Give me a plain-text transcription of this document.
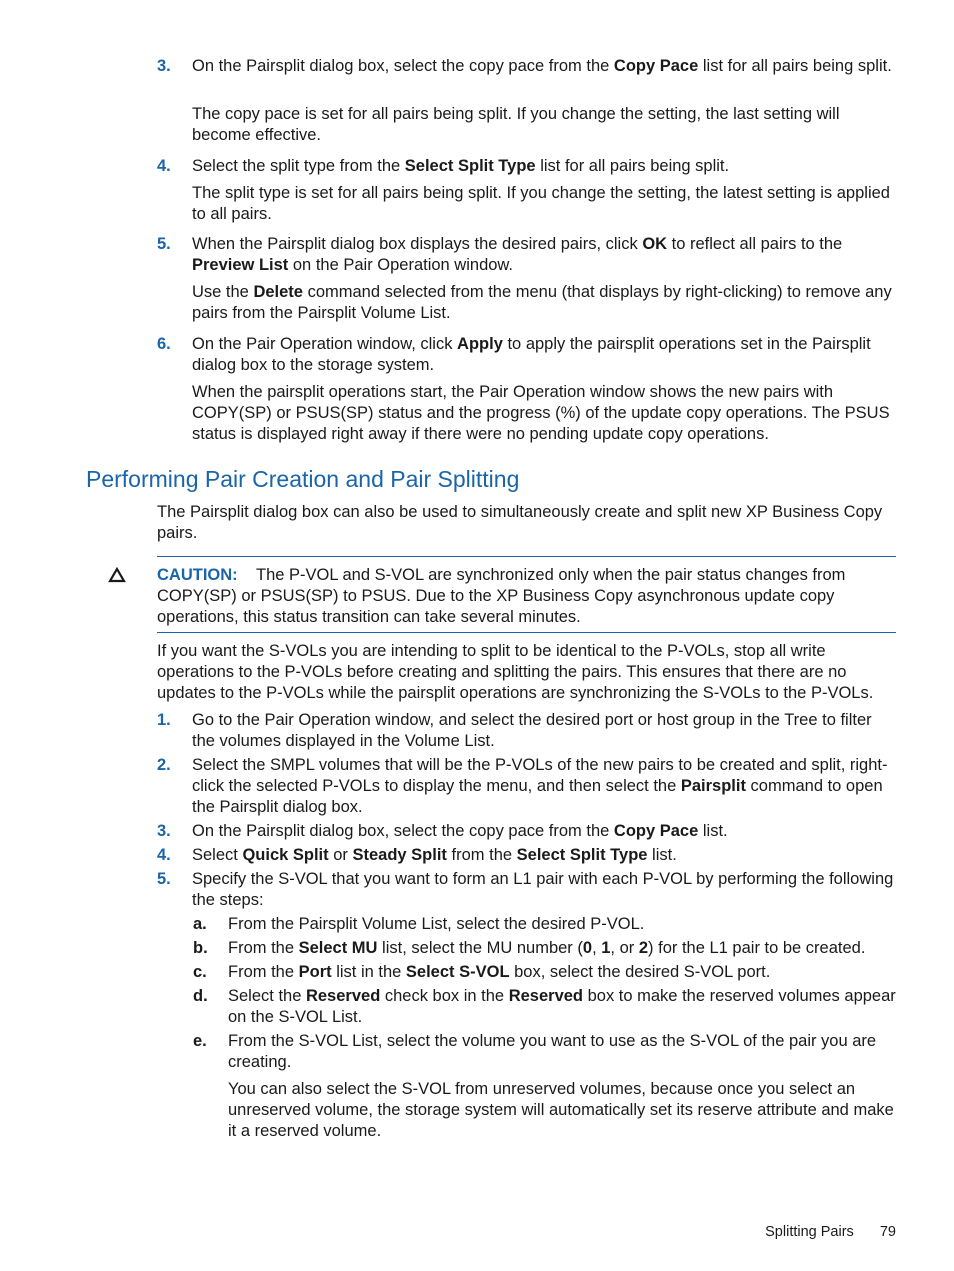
3. On the Pairsplit dialog box, select the copy pace from the Copy Pace list for all pairs being split.
The copy pace is set for all pairs being split. If you change the setting, the last setting will become effective.
4. Select the split type from the Select Split Type list for all pairs being split.
The split type is set for all pairs being split. If you change the setting, the latest setting is applied to all pairs.
5. When the Pairsplit dialog box displays the desired pairs, click OK to reflect all pairs to the Preview List on the Pair Operation window.
Use the Delete command selected from the menu (that displays by right-clicking) to remove any pairs from the Pairsplit Volume List.
6. On the Pair Operation window, click Apply to apply the pairsplit operations set in the Pairsplit dialog box to the storage system.
When the pairsplit operations start, the Pair Operation window shows the new pairs with COPY(SP) or PSUS(SP) status and the progress (%) of the update copy operations. The PSUS status is displayed right away if there were no pending update copy operations.
Performing Pair Creation and Pair Splitting
The Pairsplit dialog box can also be used to simultaneously create and split new XP Business Copy pairs.
CAUTION: The P-VOL and S-VOL are synchronized only when the pair status changes from COPY(SP) or PSUS(SP) to PSUS. Due to the XP Business Copy asynchronous update copy operations, this status transition can take several minutes.
If you want the S-VOLs you are intending to split to be identical to the P-VOLs, stop all write operations to the P-VOLs before creating and splitting the pairs. This ensures that there are no updates to the P-VOLs while the pairsplit operations are synchronizing the S-VOLs to the P-VOLs.
1. Go to the Pair Operation window, and select the desired port or host group in the Tree to filter the volumes displayed in the Volume List.
2. Select the SMPL volumes that will be the P-VOLs of the new pairs to be created and split, right-click the selected P-VOLs to display the menu, and then select the Pairsplit command to open the Pairsplit dialog box.
3. On the Pairsplit dialog box, select the copy pace from the Copy Pace list.
4. Select Quick Split or Steady Split from the Select Split Type list.
5. Specify the S-VOL that you want to form an L1 pair with each P-VOL by performing the following the steps:
a. From the Pairsplit Volume List, select the desired P-VOL.
b. From the Select MU list, select the MU number (0, 1, or 2) for the L1 pair to be created.
c. From the Port list in the Select S-VOL box, select the desired S-VOL port.
d. Select the Reserved check box in the Reserved box to make the reserved volumes appear on the S-VOL List.
e. From the S-VOL List, select the volume you want to use as the S-VOL of the pair you are creating.
You can also select the S-VOL from unreserved volumes, because once you select an unreserved volume, the storage system will automatically set its reserve attribute and make it a reserved volume.
Splitting Pairs 79
